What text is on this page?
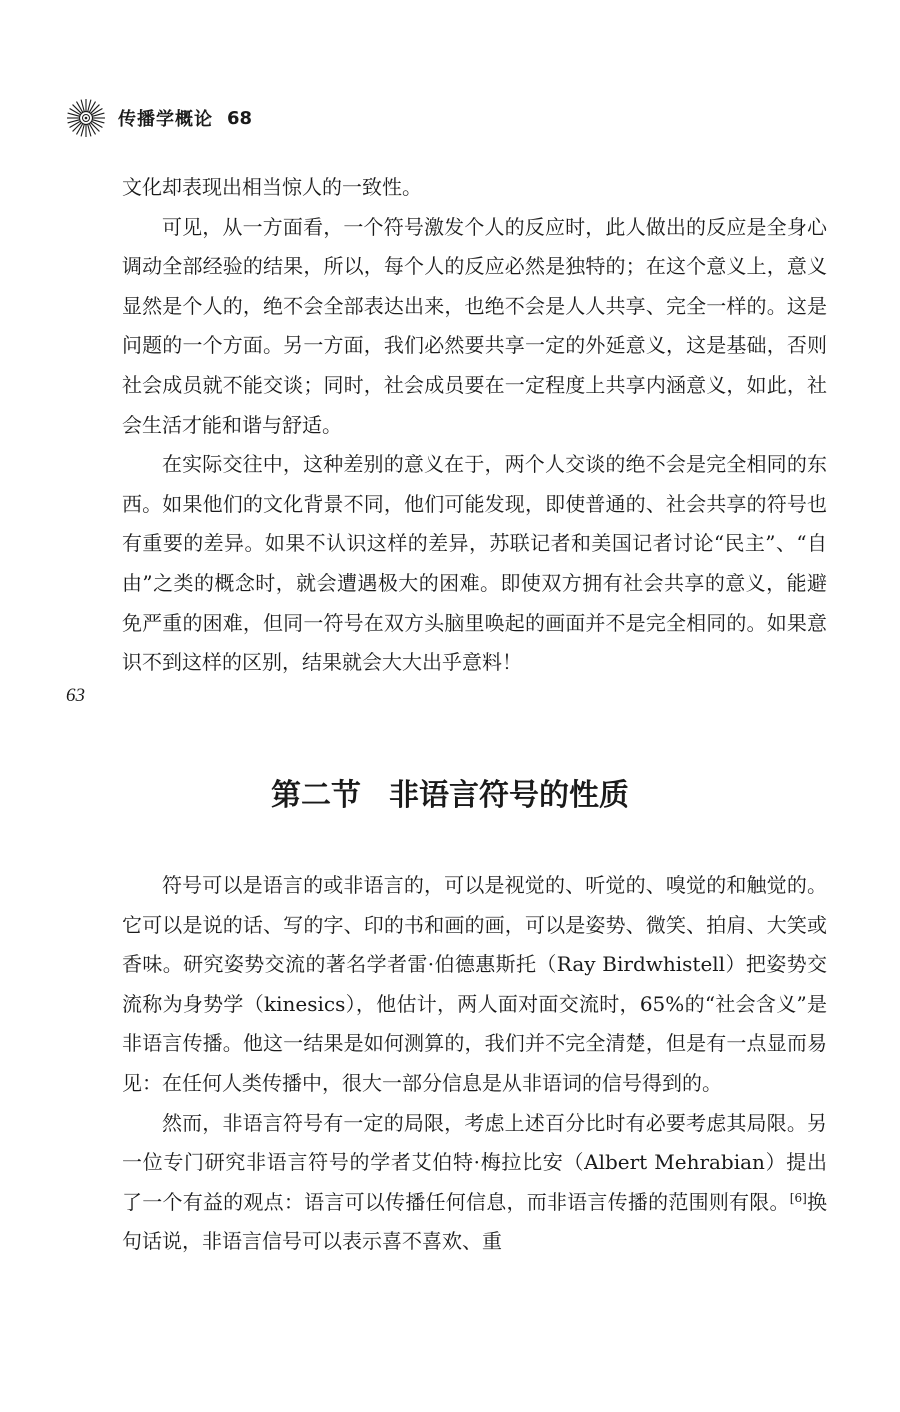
传播学概论 68

文化却表现出相当惊人的一致性。

可见，从一方面看，一个符号激发个人的反应时，此人做出的反应是全身心调动全部经验的结果，所以，每个人的反应必然是独特的；在这个意义上，意义显然是个人的，绝不会全部表达出来，也绝不会是人人共享、完全一样的。这是问题的一个方面。另一方面，我们必然要共享一定的外延意义，这是基础，否则社会成员就不能交谈；同时，社会成员要在一定程度上共享内涵意义，如此，社会生活才能和谐与舒适。

在实际交往中，这种差别的意义在于，两个人交谈的绝不会是完全相同的东西。如果他们的文化背景不同，他们可能发现，即使普通的、社会共享的符号也有重要的差异。如果不认识这样的差异，苏联记者和美国记者讨论“民主”、“自由”之类的概念时，就会遭遇极大的困难。即使双方拥有社会共享的意义，能避免严重的困难，但同一符号在双方头脑里唤起的画面并不是完全相同的。如果意识不到这样的区别，结果就会大大出乎意料！

63
第二节 非语言符号的性质

符号可以是语言的或非语言的，可以是视觉的、听觉的、嗅觉的和触觉的。它可以是说的话、写的字、印的书和画的画，可以是姿势、微笑、拍肩、大笑或香味。研究姿势交流的著名学者雷·伯德惠斯托（Ray Birdwhistell）把姿势交流称为身势学（kinesics），他估计，两人面对面交流时，65%的“社会含义”是非语言传播。他这一结果是如何测算的，我们并不完全清楚，但是有一点显而易见：在任何人类传播中，很大一部分信息是从非语词的信号得到的。

然而，非语言符号有一定的局限，考虑上述百分比时有必要考虑其局限。另一位专门研究非语言符号的学者艾伯特·梅拉比安（Albert Mehrabian）提出了一个有益的观点：语言可以传播任何信息，而非语言传播的范围则有限。[6]换句话说，非语言信号可以表示喜不喜欢、重
